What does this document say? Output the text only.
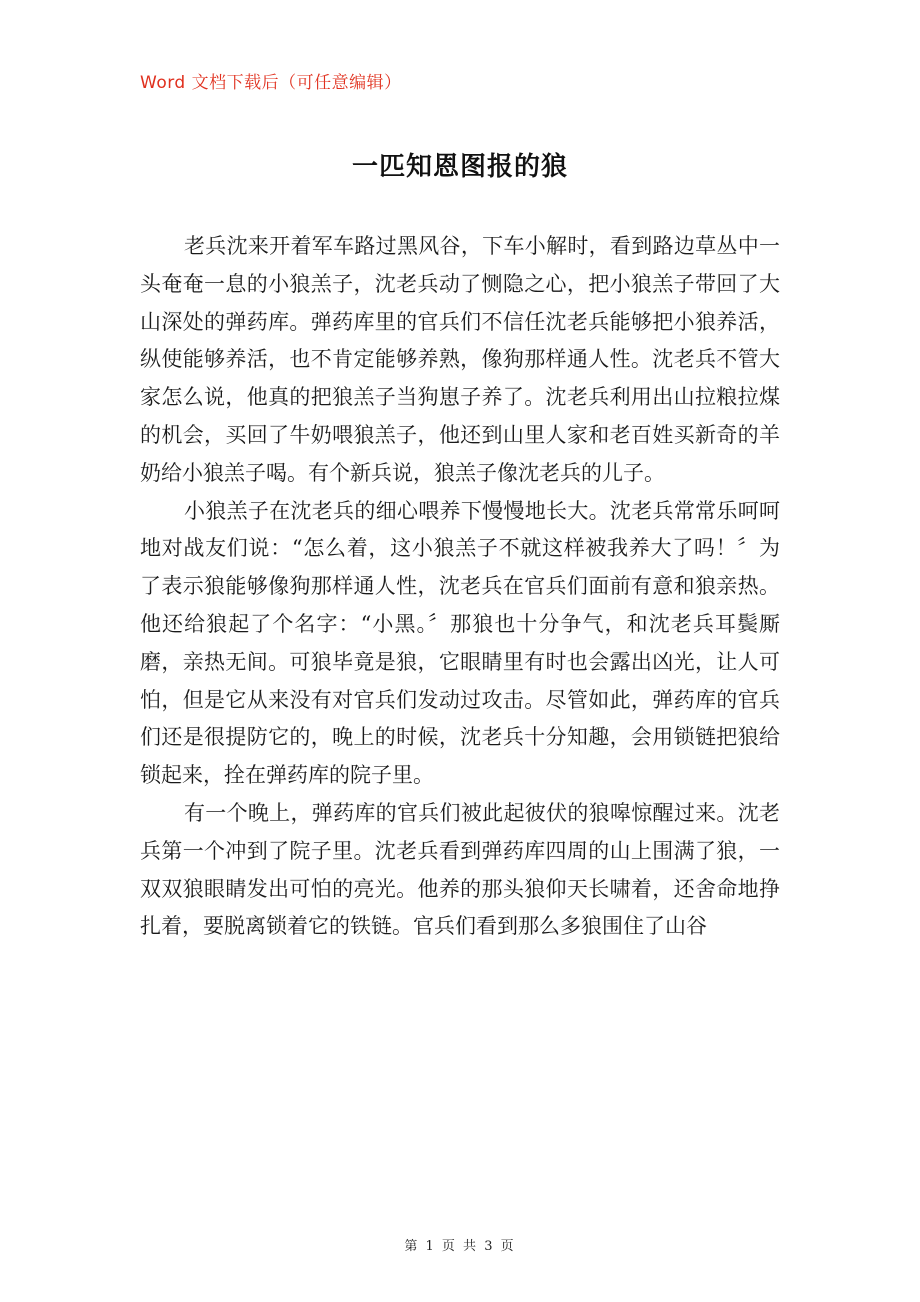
Word 文档下载后（可任意编辑）
一匹知恩图报的狼

老兵沈来开着军车路过黑风谷，下车小解时，看到路边草丛中一头奄奄一息的小狼羔子，沈老兵动了恻隐之心，把小狼羔子带回了大山深处的弹药库。弹药库里的官兵们不信任沈老兵能够把小狼养活，纵使能够养活，也不肯定能够养熟，像狗那样通人性。沈老兵不管大家怎么说，他真的把狼羔子当狗崽子养了。沈老兵利用出山拉粮拉煤的机会，买回了牛奶喂狼羔子，他还到山里人家和老百姓买新奇的羊奶给小狼羔子喝。有个新兵说，狼羔子像沈老兵的儿子。

小狼羔子在沈老兵的细心喂养下慢慢地长大。沈老兵常常乐呵呵地对战友们说：“怎么着，这小狼羔子不就这样被我养大了吗！〞为了表示狼能够像狗那样通人性，沈老兵在官兵们面前有意和狼亲热。他还给狼起了个名字：“小黑。〞那狼也十分争气，和沈老兵耳鬓厮磨，亲热无间。可狼毕竟是狼，它眼睛里有时也会露出凶光，让人可怕，但是它从来没有对官兵们发动过攻击。尽管如此，弹药库的官兵们还是很提防它的，晚上的时候，沈老兵十分知趣，会用锁链把狼给锁起来，拴在弹药库的院子里。

有一个晚上，弹药库的官兵们被此起彼伏的狼嗥惊醒过来。沈老兵第一个冲到了院子里。沈老兵看到弹药库四周的山上围满了狼，一双双狼眼睛发出可怕的亮光。他养的那头狼仰天长啸着，还舍命地挣扎着，要脱离锁着它的铁链。官兵们看到那么多狼围住了山谷

第 1 页 共 3 页
